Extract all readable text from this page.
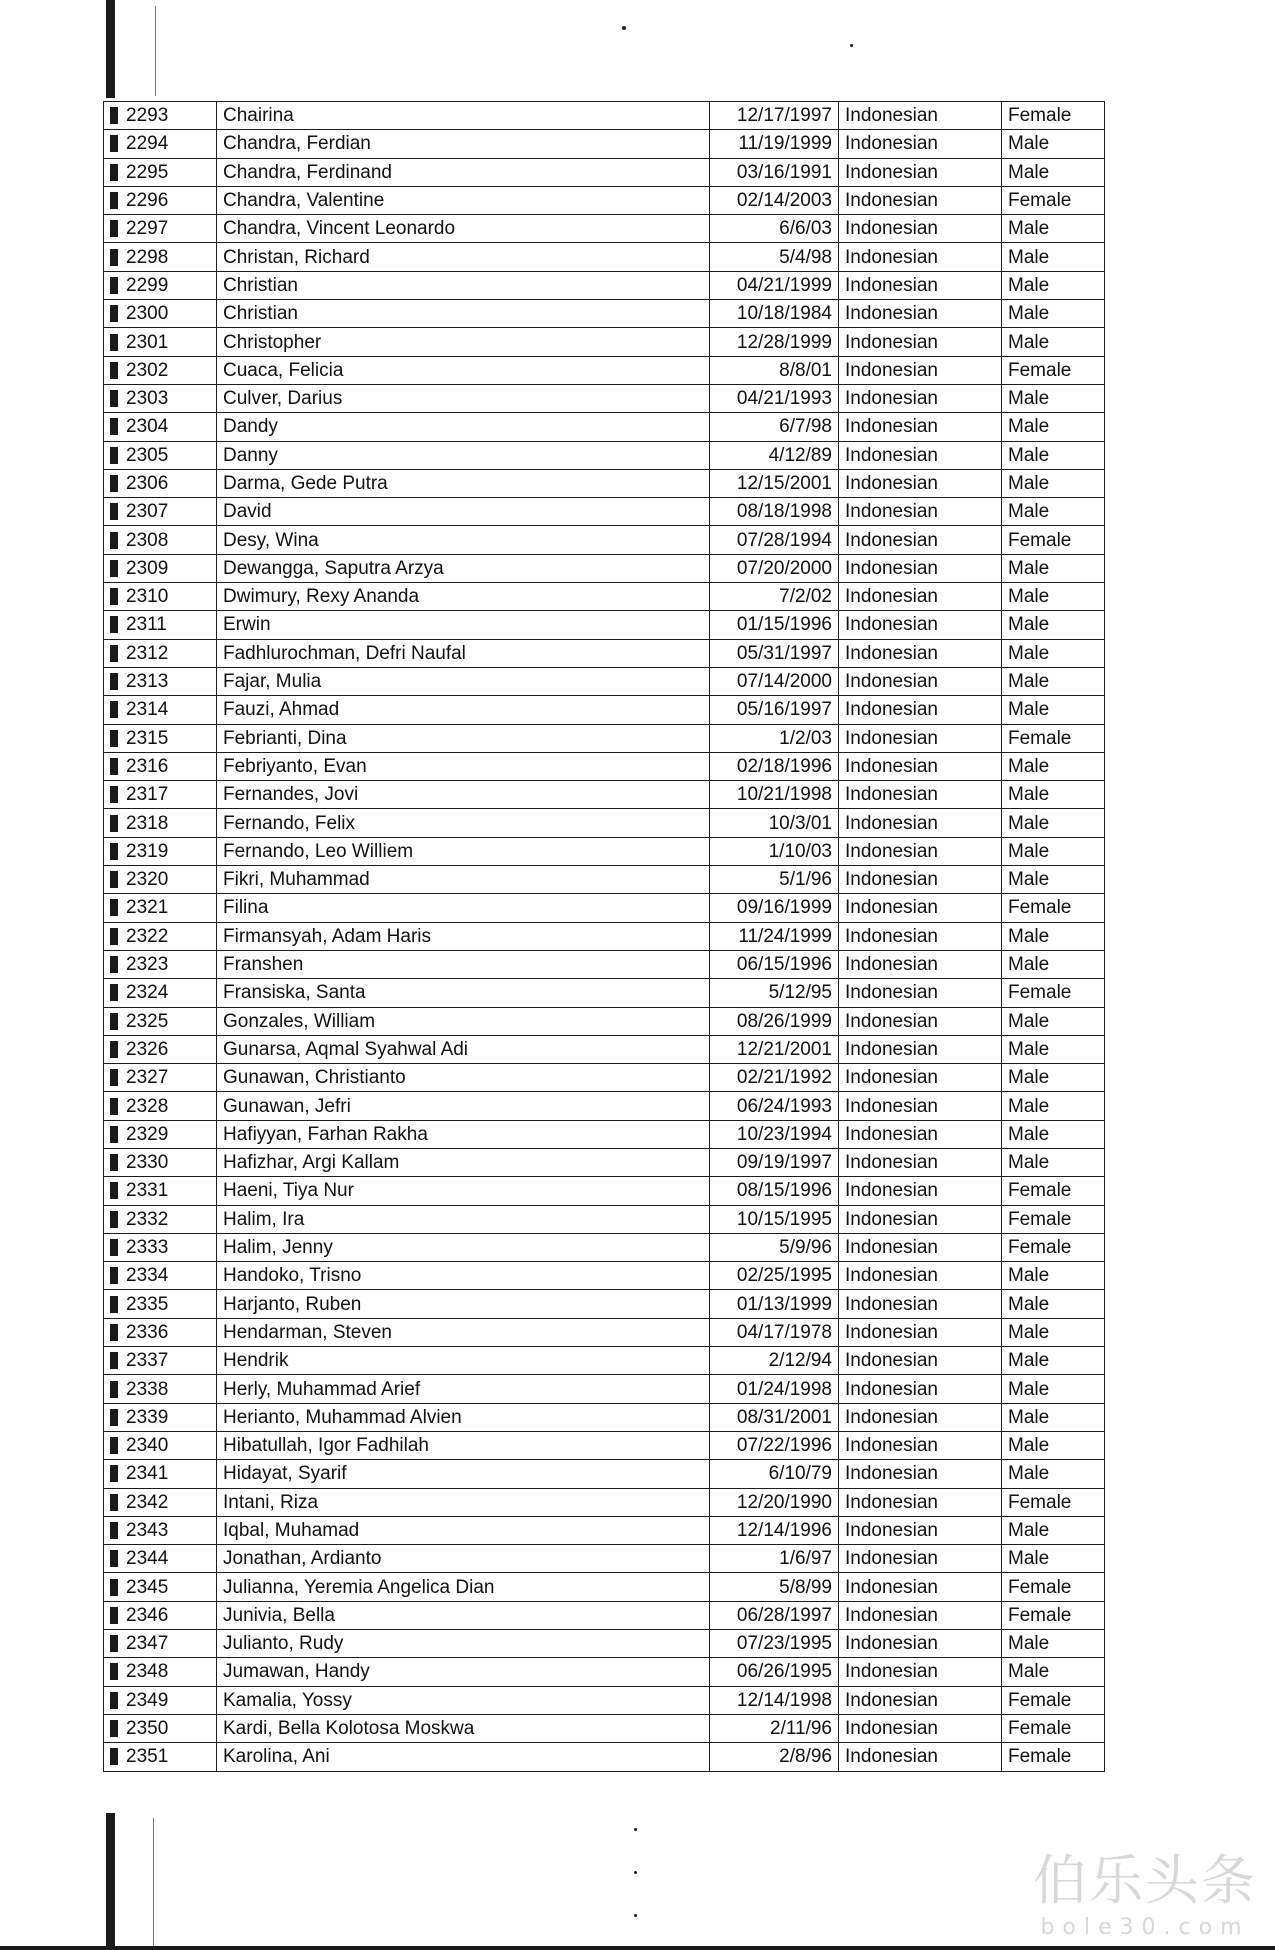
2293	Chairina	12/17/1997	Indonesian	Female
2294	Chandra, Ferdian	11/19/1999	Indonesian	Male
2295	Chandra, Ferdinand	03/16/1991	Indonesian	Male
2296	Chandra, Valentine	02/14/2003	Indonesian	Female
2297	Chandra, Vincent Leonardo	6/6/03	Indonesian	Male
2298	Christan, Richard	5/4/98	Indonesian	Male
2299	Christian	04/21/1999	Indonesian	Male
2300	Christian	10/18/1984	Indonesian	Male
2301	Christopher	12/28/1999	Indonesian	Male
2302	Cuaca, Felicia	8/8/01	Indonesian	Female
2303	Culver, Darius	04/21/1993	Indonesian	Male
2304	Dandy	6/7/98	Indonesian	Male
2305	Danny	4/12/89	Indonesian	Male
2306	Darma, Gede Putra	12/15/2001	Indonesian	Male
2307	David	08/18/1998	Indonesian	Male
2308	Desy, Wina	07/28/1994	Indonesian	Female
2309	Dewangga, Saputra Arzya	07/20/2000	Indonesian	Male
2310	Dwimury, Rexy Ananda	7/2/02	Indonesian	Male
2311	Erwin	01/15/1996	Indonesian	Male
2312	Fadhlurochman, Defri Naufal	05/31/1997	Indonesian	Male
2313	Fajar, Mulia	07/14/2000	Indonesian	Male
2314	Fauzi, Ahmad	05/16/1997	Indonesian	Male
2315	Febrianti, Dina	1/2/03	Indonesian	Female
2316	Febriyanto, Evan	02/18/1996	Indonesian	Male
2317	Fernandes, Jovi	10/21/1998	Indonesian	Male
2318	Fernando, Felix	10/3/01	Indonesian	Male
2319	Fernando, Leo Williem	1/10/03	Indonesian	Male
2320	Fikri, Muhammad	5/1/96	Indonesian	Male
2321	Filina	09/16/1999	Indonesian	Female
2322	Firmansyah, Adam Haris	11/24/1999	Indonesian	Male
2323	Franshen	06/15/1996	Indonesian	Male
2324	Fransiska, Santa	5/12/95	Indonesian	Female
2325	Gonzales, William	08/26/1999	Indonesian	Male
2326	Gunarsa, Aqmal Syahwal Adi	12/21/2001	Indonesian	Male
2327	Gunawan, Christianto	02/21/1992	Indonesian	Male
2328	Gunawan, Jefri	06/24/1993	Indonesian	Male
2329	Hafiyyan, Farhan Rakha	10/23/1994	Indonesian	Male
2330	Hafizhar, Argi Kallam	09/19/1997	Indonesian	Male
2331	Haeni, Tiya Nur	08/15/1996	Indonesian	Female
2332	Halim, Ira	10/15/1995	Indonesian	Female
2333	Halim, Jenny	5/9/96	Indonesian	Female
2334	Handoko, Trisno	02/25/1995	Indonesian	Male
2335	Harjanto, Ruben	01/13/1999	Indonesian	Male
2336	Hendarman, Steven	04/17/1978	Indonesian	Male
2337	Hendrik	2/12/94	Indonesian	Male
2338	Herly, Muhammad Arief	01/24/1998	Indonesian	Male
2339	Herianto, Muhammad Alvien	08/31/2001	Indonesian	Male
2340	Hibatullah, Igor Fadhilah	07/22/1996	Indonesian	Male
2341	Hidayat, Syarif	6/10/79	Indonesian	Male
2342	Intani, Riza	12/20/1990	Indonesian	Female
2343	Iqbal, Muhamad	12/14/1996	Indonesian	Male
2344	Jonathan, Ardianto	1/6/97	Indonesian	Male
2345	Julianna, Yeremia Angelica Dian	5/8/99	Indonesian	Female
2346	Junivia, Bella	06/28/1997	Indonesian	Female
2347	Julianto, Rudy	07/23/1995	Indonesian	Male
2348	Jumawan, Handy	06/26/1995	Indonesian	Male
2349	Kamalia, Yossy	12/14/1998	Indonesian	Female
2350	Kardi, Bella Kolotosa Moskwa	2/11/96	Indonesian	Female
2351	Karolina, Ani	2/8/96	Indonesian	Female
伯乐头条
bole30.com
